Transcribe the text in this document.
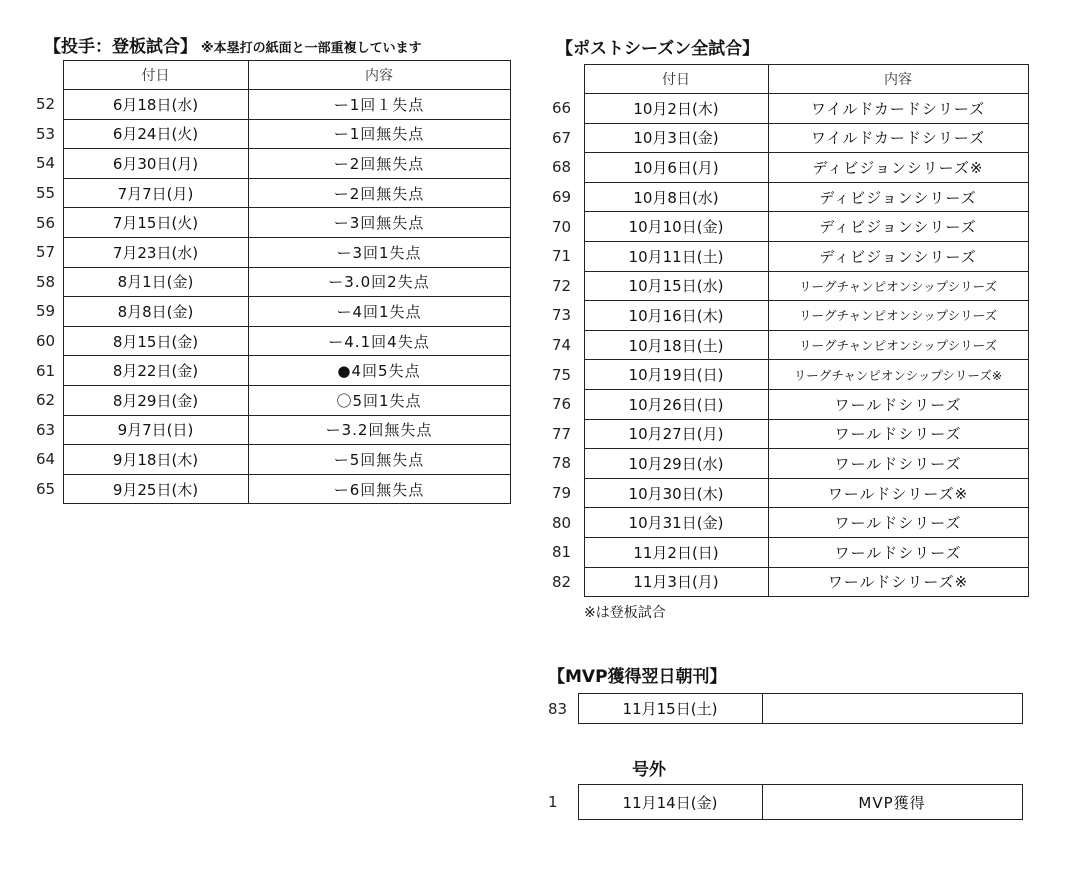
【投手：登板試合】 ※本塁打の紙面と一部重複しています
	付日	内容
52	6月18日(水)	ー1回１失点
53	6月24日(火)	ー1回無失点
54	6月30日(月)	ー2回無失点
55	7月7日(月)	ー2回無失点
56	7月15日(火)	ー3回無失点
57	7月23日(水)	ー3回1失点
58	8月1日(金)	ー3.0回2失点
59	8月8日(金)	ー4回1失点
60	8月15日(金)	ー4.1回4失点
61	8月22日(金)	●4回5失点
62	8月29日(金)	〇5回1失点
63	9月7日(日)	ー3.2回無失点
64	9月18日(木)	ー5回無失点
65	9月25日(木)	ー6回無失点
【ポストシーズン全試合】
	付日	内容
66	10月2日(木)	ワイルドカードシリーズ
67	10月3日(金)	ワイルドカードシリーズ
68	10月6日(月)	ディビジョンシリーズ※
69	10月8日(水)	ディビジョンシリーズ
70	10月10日(金)	ディビジョンシリーズ
71	10月11日(土)	ディビジョンシリーズ
72	10月15日(水)	リーグチャンピオンシップシリーズ
73	10月16日(木)	リーグチャンピオンシップシリーズ
74	10月18日(土)	リーグチャンピオンシップシリーズ
75	10月19日(日)	リーグチャンピオンシップシリーズ※
76	10月26日(日)	ワールドシリーズ
77	10月27日(月)	ワールドシリーズ
78	10月29日(水)	ワールドシリーズ
79	10月30日(木)	ワールドシリーズ※
80	10月31日(金)	ワールドシリーズ
81	11月2日(日)	ワールドシリーズ
82	11月3日(月)	ワールドシリーズ※

※は登板試合

【MVP獲得翌日朝刊】
83	11月15日(土)	

号外

1	11月14日(金)	MVP獲得
